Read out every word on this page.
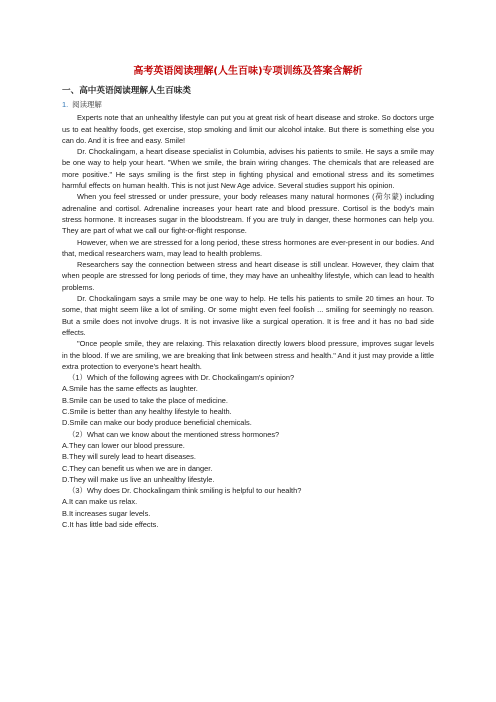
高考英语阅读理解(人生百味)专项训练及答案含解析
一、高中英语阅读理解人生百味类
1. 阅读理解

Experts note that an unhealthy lifestyle can put you at great risk of heart disease and stroke. So doctors urge us to eat healthy foods, get exercise, stop smoking and limit our alcohol intake. But there is something else you can do. And it is free and easy. Smile!

Dr. Chockalingam, a heart disease specialist in Columbia, advises his patients to smile. He says a smile may be one way to help your heart. "When we smile, the brain wiring changes. The chemicals that are released are more positive." He says smiling is the first step in fighting physical and emotional stress and its sometimes harmful effects on human health. This is not just New Age advice. Several studies support his opinion.

When you feel stressed or under pressure, your body releases many natural hormones (荷尔蒙) including adrenaline and cortisol. Adrenaline increases your heart rate and blood pressure. Cortisol is the body's main stress hormone. It increases sugar in the bloodstream. If you are truly in danger, these hormones can help you. They are part of what we call our fight-or-flight response.

However, when we are stressed for a long period, these stress hormones are ever-present in our bodies. And that, medical researchers warn, may lead to health problems.

Researchers say the connection between stress and heart disease is still unclear. However, they claim that when people are stressed for long periods of time, they may have an unhealthy lifestyle, which can lead to health problems.

Dr. Chockalingam says a smile may be one way to help. He tells his patients to smile 20 times an hour. To some, that might seem like a lot of smiling. Or some might even feel foolish ... smiling for seemingly no reason. But a smile does not involve drugs. It is not invasive like a surgical operation. It is free and it has no bad side effects.

"Once people smile, they are relaxing. This relaxation directly lowers blood pressure, improves sugar levels in the blood. If we are smiling, we are breaking that link between stress and health." And it just may provide a little extra protection to everyone's heart health.

（1）Which of the following agrees with Dr. Chockalingam's opinion?
A.Smile has the same effects as laughter.
B.Smile can be used to take the place of medicine.
C.Smile is better than any healthy lifestyle to health.
D.Smile can make our body produce beneficial chemicals.
（2）What can we know about the mentioned stress hormones?
A.They can lower our blood pressure.
B.They will surely lead to heart diseases.
C.They can benefit us when we are in danger.
D.They will make us live an unhealthy lifestyle.
（3）Why does Dr. Chockalingam think smiling is helpful to our health?
A.It can make us relax.
B.It increases sugar levels.
C.It has little bad side effects.
